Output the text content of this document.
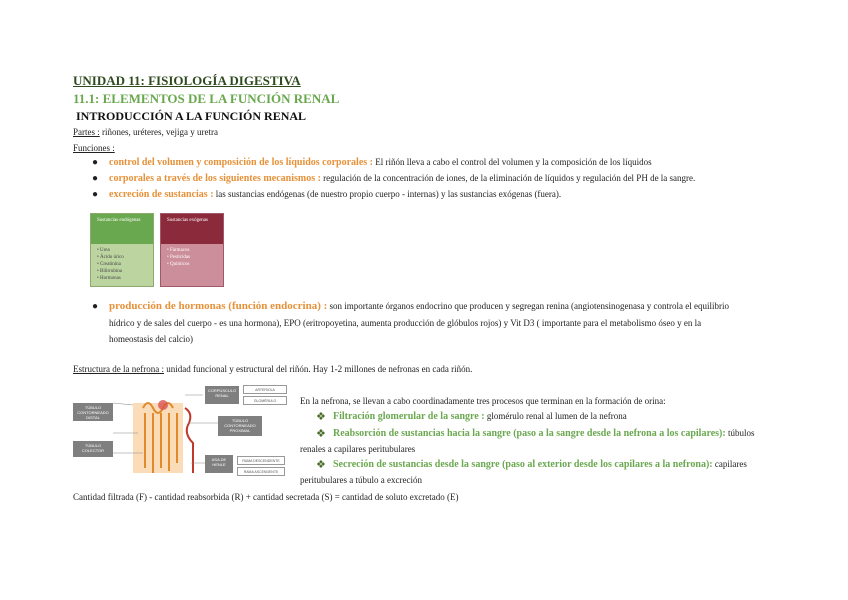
UNIDAD 11: FISIOLOGÍA DIGESTIVA
11.1: ELEMENTOS DE LA FUNCIÓN RENAL
INTRODUCCIÓN A LA FUNCIÓN RENAL
Partes : riñones, uréteres, vejiga y uretra
Funciones :
● control del volumen y composición de los líquidos corporales : El riñón lleva a cabo el control del volumen y la composición de los líquidos
● corporales a través de los siguientes mecanismos : regulación de la concentración de iones, de la eliminación de líquidos y regulación del PH de la sangre.
● excreción de sustancias : las sustancias endógenas (de nuestro propio cuerpo - internas) y las sustancias exógenas (fuera).
Sustancias endógenas
• Urea
• Ácido úrico
• Creatinina
• Bilirrubina
• Hormonas
Sustancias exógenas
• Fármacos
• Pesticidas
• Químicos
● producción de hormonas (función endocrina) : son importante órganos endocrino que producen y segregan renina (angiotensinogenasa y controla el equilibrio
hídrico y de sales del cuerpo - es una hormona), EPO (eritropoyetina, aumenta producción de glóbulos rojos) y Vit D3 ( importante para el metabolismo óseo y en la
homeostasis del calcio)
Estructura de la nefrona : unidad funcional y estructural del riñón. Hay 1-2 millones de nefronas en cada riñón.
TÚBULO CONTORNEADO DISTAL
TÚBULO COLECTOR
CORPÚSCULO RENAL
TÚBULO CONTORNEADO PROXIMAL
ASA DE HENLE
ARTERIOLA
GLOMÉRULO
RAMA DESCENDENTE
RAMA ASCENDENTE
En la nefrona, se llevan a cabo coordinadamente tres procesos que terminan en la formación de orina:
❖ Filtración glomerular de la sangre : glomérulo renal al lumen de la nefrona
❖ Reabsorción de sustancias hacia la sangre (paso a la sangre desde la nefrona a los capilares): túbulos
renales a capilares peritubulares
❖ Secreción de sustancias desde la sangre (paso al exterior desde los capilares a la nefrona): capilares
peritubulares a túbulo a excreción
Cantidad filtrada (F) - cantidad reabsorbida (R) + cantidad secretada (S) = cantidad de soluto excretado (E)
